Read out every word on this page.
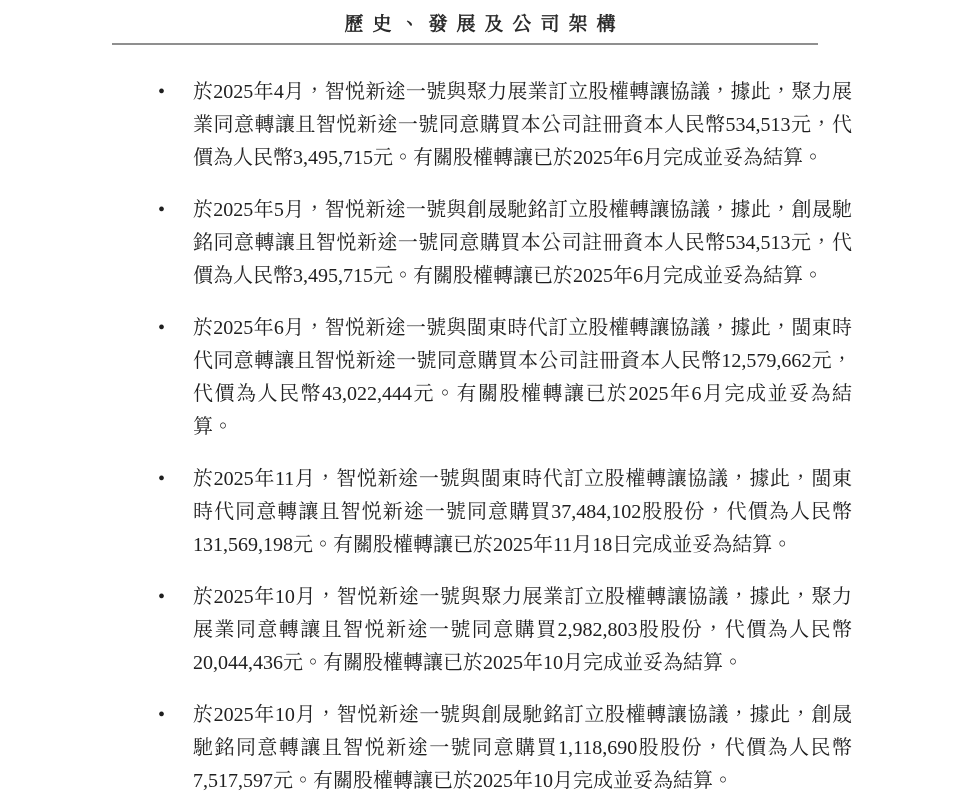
歷史、發展及公司架構
•	於2025年4月，智悦新途一號與聚力展業訂立股權轉讓協議，據此，聚力展業同意轉讓且智悦新途一號同意購買本公司註冊資本人民幣534,513元，代價為人民幣3,495,715元。有關股權轉讓已於2025年6月完成並妥為結算。
•	於2025年5月，智悦新途一號與創晟馳銘訂立股權轉讓協議，據此，創晟馳銘同意轉讓且智悦新途一號同意購買本公司註冊資本人民幣534,513元，代價為人民幣3,495,715元。有關股權轉讓已於2025年6月完成並妥為結算。
•	於2025年6月，智悦新途一號與閩東時代訂立股權轉讓協議，據此，閩東時代同意轉讓且智悦新途一號同意購買本公司註冊資本人民幣12,579,662元，代價為人民幣43,022,444元。有關股權轉讓已於2025年6月完成並妥為結算。
•	於2025年11月，智悦新途一號與閩東時代訂立股權轉讓協議，據此，閩東時代同意轉讓且智悦新途一號同意購買37,484,102股股份，代價為人民幣131,569,198元。有關股權轉讓已於2025年11月18日完成並妥為結算。
•	於2025年10月，智悦新途一號與聚力展業訂立股權轉讓協議，據此，聚力展業同意轉讓且智悦新途一號同意購買2,982,803股股份，代價為人民幣20,044,436元。有關股權轉讓已於2025年10月完成並妥為結算。
•	於2025年10月，智悦新途一號與創晟馳銘訂立股權轉讓協議，據此，創晟馳銘同意轉讓且智悦新途一號同意購買1,118,690股股份，代價為人民幣7,517,597元。有關股權轉讓已於2025年10月完成並妥為結算。
